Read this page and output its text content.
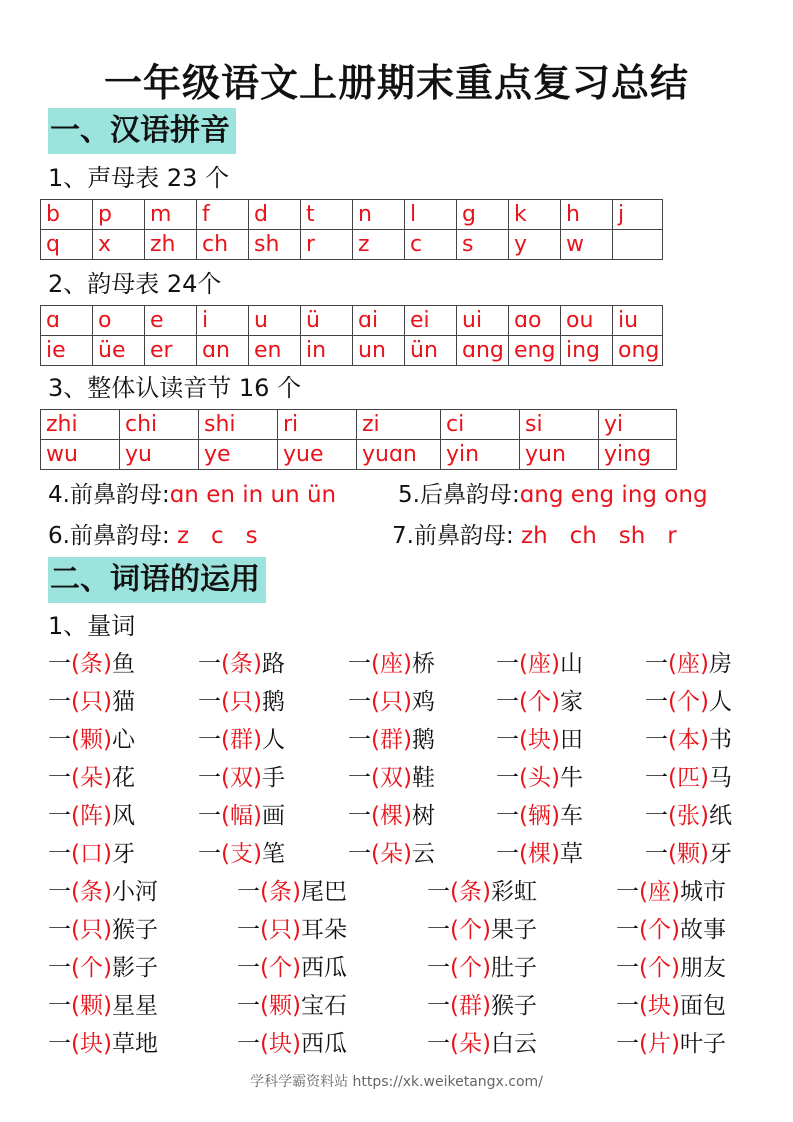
一年级语文上册期末重点复习总结
一、汉语拼音
1、声母表 23 个
b	p	m	f	d	t	n	l	g	k	h	j
q	x	zh	ch	sh	r	z	c	s	y	w	
2、韵母表 24个
ɑ	o	e	i	u	ü	ɑi	ei	ui	ɑo	ou	iu
ie	üe	er	ɑn	en	in	un	ün	ɑng	eng	ing	ong
3、整体认读音节 16 个
zhi	chi	shi	ri	zi	ci	si	yi
wu	yu	ye	yue	yuɑn	yin	yun	ying
4.前鼻韵母:ɑn en in un ün	5.后鼻韵母:ɑng eng ing ong
6.前鼻韵母: z   c   s	7.前鼻韵母: zh   ch   sh   r
二、词语的运用
1、量词
一(条)鱼	一(条)路	一(座)桥	一(座)山	一(座)房
一(只)猫	一(只)鹅	一(只)鸡	一(个)家	一(个)人
一(颗)心	一(群)人	一(群)鹅	一(块)田	一(本)书
一(朵)花	一(双)手	一(双)鞋	一(头)牛	一(匹)马
一(阵)风	一(幅)画	一(棵)树	一(辆)车	一(张)纸
一(口)牙	一(支)笔	一(朵)云	一(棵)草	一(颗)牙
一(条)小河	一(条)尾巴	一(条)彩虹	一(座)城市
一(只)猴子	一(只)耳朵	一(个)果子	一(个)故事
一(个)影子	一(个)西瓜	一(个)肚子	一(个)朋友
一(颗)星星	一(颗)宝石	一(群)猴子	一(块)面包
一(块)草地	一(块)西瓜	一(朵)白云	一(片)叶子
学科学霸资料站 https://xk.weiketangx.com/
